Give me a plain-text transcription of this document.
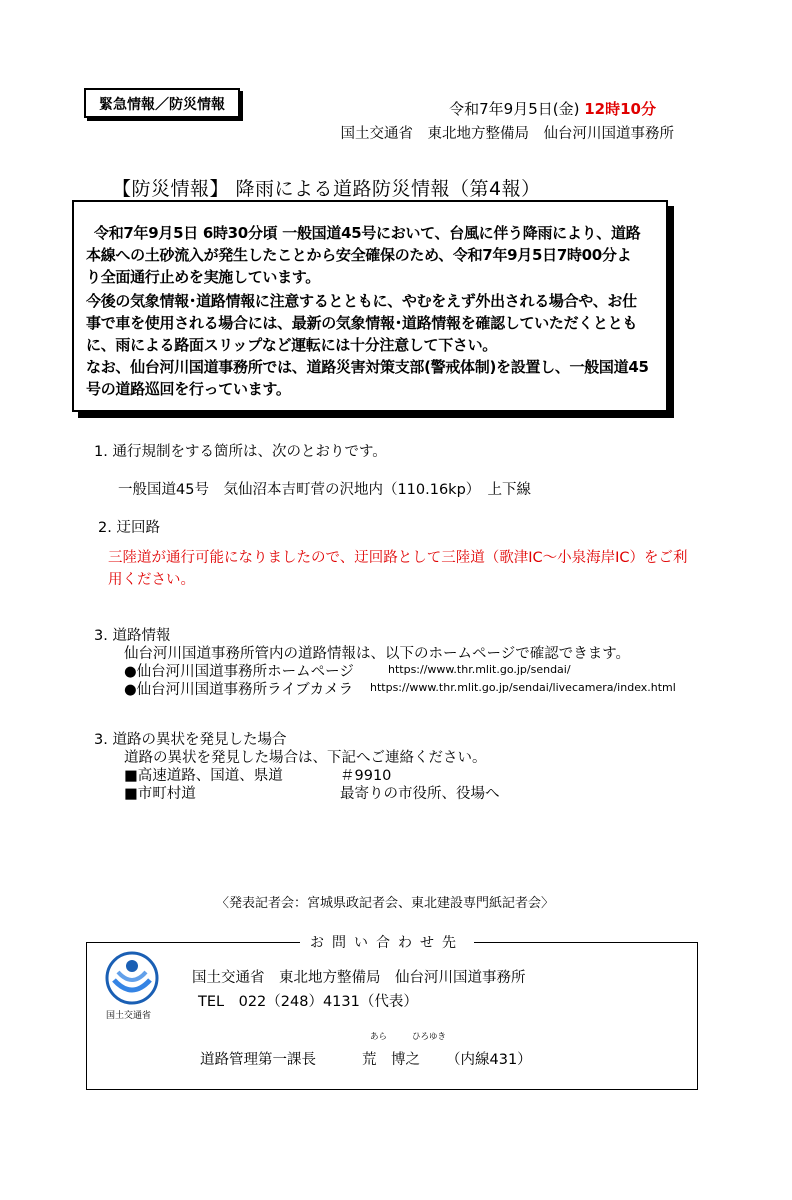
緊急情報／防災情報	令和7年9月5日(金) 12時10分
国土交通省　東北地方整備局　仙台河川国道事務所
【防災情報】 降雨による道路防災情報（第4報）
令和7年9月5日 6時30分頃 一般国道45号において、台風に伴う降雨により、道路
本線への土砂流入が発生したことから安全確保のため、令和7年9月5日7時00分よ
り全面通行止めを実施しています。
今後の気象情報･道路情報に注意するとともに、やむをえず外出される場合や、お仕
事で車を使用される場合には、最新の気象情報･道路情報を確認していただくととも
に、雨による路面スリップなど運転には十分注意して下さい。
なお、仙台河川国道事務所では、道路災害対策支部(警戒体制)を設置し、一般国道45
号の道路巡回を行っています。
1. 通行規制をする箇所は、次のとおりです。
一般国道45号　気仙沼本吉町菅の沢地内（110.16kp）　上下線
2. 迂回路
三陸道が通行可能になりましたので、迂回路として三陸道（歌津IC～小泉海岸IC）をご利
用ください。
3. 道路情報
仙台河川国道事務所管内の道路情報は、以下のホームページで確認できます。
●仙台河川国道事務所ホームページ	https://www.thr.mlit.go.jp/sendai/
●仙台河川国道事務所ライブカメラ https://www.thr.mlit.go.jp/sendai/livecamera/index.html
3. 道路の異状を発見した場合
道路の異状を発見した場合は、下記へご連絡ください。
■高速道路、国道、県道	＃9910
■市町村道	最寄りの市役所、役場へ
〈発表記者会：宮城県政記者会、東北建設専門紙記者会〉
お問い合わせ先
国土交通省
国土交通省　東北地方整備局　仙台河川国道事務所
TEL　022（248）4131（代表）
あら	ひろゆき
道路管理第一課長	荒　博之 （内線431）
